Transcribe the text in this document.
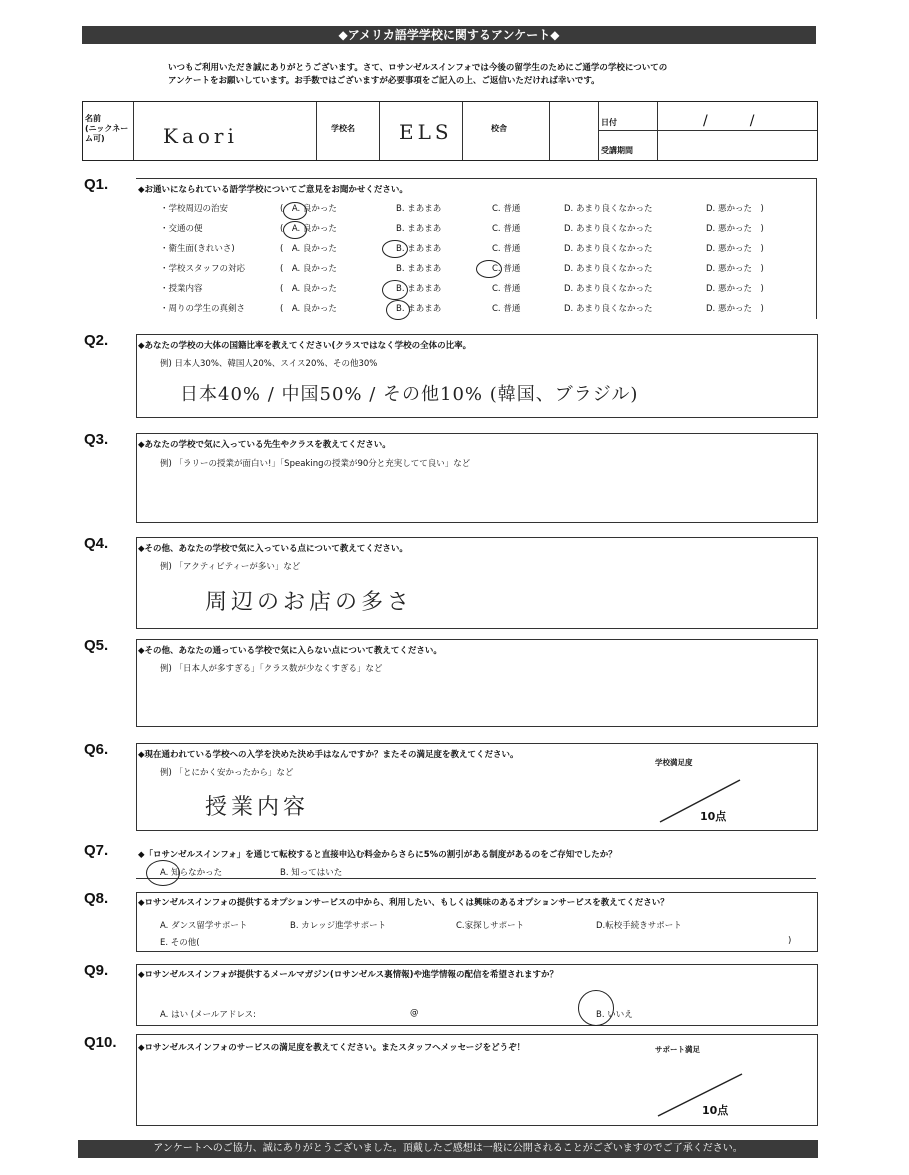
◆アメリカ語学学校に関するアンケート◆
いつもご利用いただき誠にありがとうございます。さて、ロサンゼルスインフォでは今後の留学生のためにご通学の学校についての
アンケートをお願いしています。お手数ではございますが必要事項をご記入の上、ご返信いただければ幸いです。
名前
(ニックネー
ム可)	Kaori	学校名 ELS	校舎
日付	/　　　/
受講期間
Q1.	◆お通いになられている語学学校についてご意見をお聞かせください。
・学校周辺の治安	(　A. 良かった	B. まあまあ	C. 普通	D. あまり良くなかった	D. 悪かった　)
・交通の便	(　A. 良かった	B. まあまあ	C. 普通	D. あまり良くなかった	D. 悪かった　)
・衛生面(きれいさ)	(　A. 良かった	B. まあまあ	C. 普通	D. あまり良くなかった	D. 悪かった　)
・学校スタッフの対応	(　A. 良かった	B. まあまあ	C. 普通	D. あまり良くなかった	D. 悪かった　)
・授業内容	(　A. 良かった	B. まあまあ	C. 普通	D. あまり良くなかった	D. 悪かった　)
・周りの学生の真剣さ	(　A. 良かった	B. まあまあ	C. 普通	D. あまり良くなかった	D. 悪かった　)
Q2.	◆あなたの学校の大体の国籍比率を教えてください(クラスではなく学校の全体の比率。
例) 日本人30%、韓国人20%、スイス20%、その他30%
日本40% / 中国50% / その他10% (韓国、ブラジル)
Q3.	◆あなたの学校で気に入っている先生やクラスを教えてください。
例) 「ラリーの授業が面白い!」「Speakingの授業が90分と充実してて良い」など
Q4.	◆その他、あなたの学校で気に入っている点について教えてください。
例) 「アクティビティーが多い」など
周辺のお店の多さ
Q5.	◆その他、あなたの通っている学校で気に入らない点について教えてください。
例) 「日本人が多すぎる」「クラス数が少なくすぎる」など
Q6.	◆現在通われている学校への入学を決めた決め手はなんですか？またその満足度を教えてください。
例) 「とにかく安かったから」など
授業内容
学校満足度
10点
Q7.	◆「ロサンゼルスインフォ」を通じて転校すると直接申込む料金からさらに5%の割引がある制度があるのをご存知でしたか？
A. 知らなかった	B. 知ってはいた
Q8.	◆ロサンゼルスインフォの提供するオプションサービスの中から、利用したい、もしくは興味のあるオプションサービスを教えてください？
A. ダンス留学サポート	B. カレッジ進学サポート	C.家探しサポート	D.転校手続きサポート
E. その他(	)
Q9.	◆ロサンゼルスインフォが提供するメールマガジン(ロサンゼルス裏情報)や進学情報の配信を希望されますか？
A. はい (メールアドレス:	@	B. いいえ
Q10.	◆ロサンゼルスインフォのサービスの満足度を教えてください。またスタッフへメッセージをどうぞ！	サポート満足
10点
アンケートへのご協力、誠にありがとうございました。頂戴したご感想は一般に公開されることがございますのでご了承ください。
